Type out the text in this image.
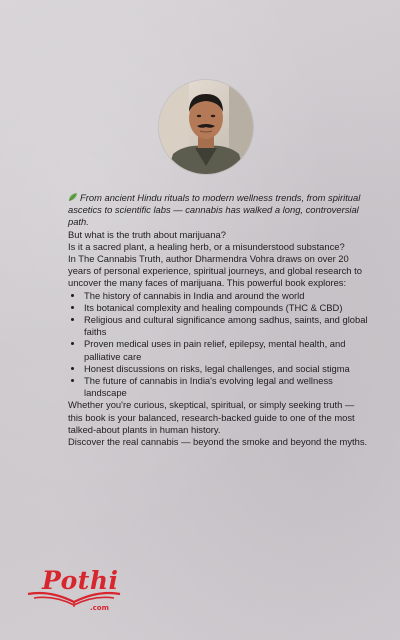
From ancient Hindu rituals to modern wellness trends, from spiritual ascetics to scientific labs — cannabis has walked a long, controversial path.

But what is the truth about marijuana?

Is it a sacred plant, a healing herb, or a misunderstood substance?

In The Cannabis Truth, author Dharmendra Vohra draws on over 20 years of personal experience, spiritual journeys, and global research to uncover the many faces of marijuana. This powerful book explores:

• The history of cannabis in India and around the world
• Its botanical complexity and healing compounds (THC & CBD)
• Religious and cultural significance among sadhus, saints, and global faiths
• Proven medical uses in pain relief, epilepsy, mental health, and palliative care
• Honest discussions on risks, legal challenges, and social stigma
• The future of cannabis in India's evolving legal and wellness landscape

Whether you're curious, skeptical, spiritual, or simply seeking truth — this book is your balanced, research-backed guide to one of the most talked-about plants in human history.

Discover the real cannabis — beyond the smoke and beyond the myths.

Pothi
.com
